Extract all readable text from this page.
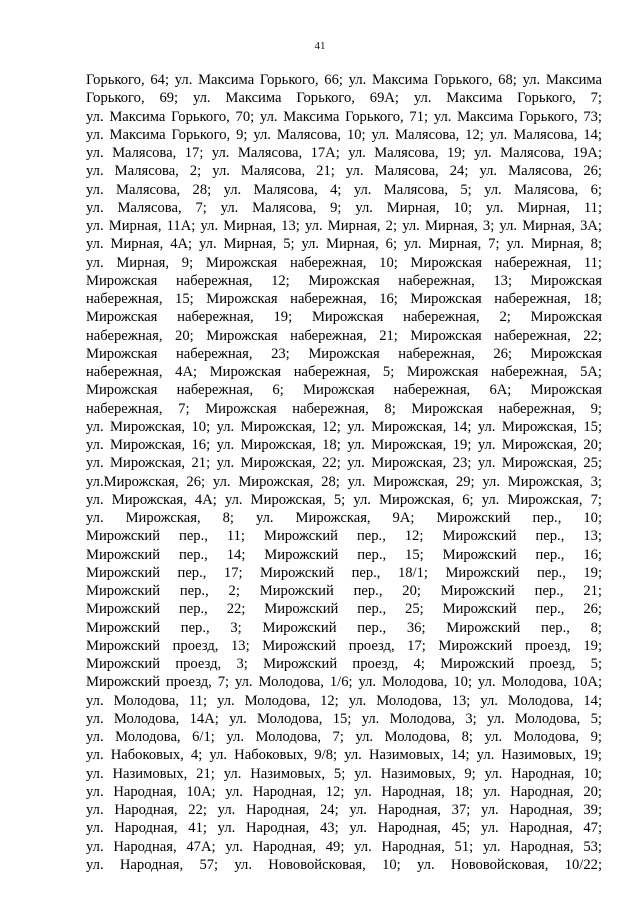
41
Горького, 64; ул. Максима Горького, 66; ул. Максима Горького, 68; ул. Максима
Горького, 69; ул. Максима Горького, 69А; ул. Максима Горького, 7;
ул. Максима Горького, 70; ул. Максима Горького, 71; ул. Максима Горького, 73;
ул. Максима Горького, 9; ул. Малясова, 10; ул. Малясова, 12; ул. Малясова, 14;
ул. Малясова, 17; ул. Малясова, 17А; ул. Малясова, 19; ул. Малясова, 19А;
ул. Малясова, 2; ул. Малясова, 21; ул. Малясова, 24; ул. Малясова, 26;
ул. Малясова, 28; ул. Малясова, 4; ул. Малясова, 5; ул. Малясова, 6;
ул. Малясова, 7; ул. Малясова, 9; ул. Мирная, 10; ул. Мирная, 11;
ул. Мирная, 11А; ул. Мирная, 13; ул. Мирная, 2; ул. Мирная, 3; ул. Мирная, 3А;
ул. Мирная, 4А; ул. Мирная, 5; ул. Мирная, 6; ул. Мирная, 7; ул. Мирная, 8;
ул. Мирная, 9; Мирожская набережная, 10; Мирожская набережная, 11;
Мирожская набережная, 12; Мирожская набережная, 13; Мирожская
набережная, 15; Мирожская набережная, 16; Мирожская набережная, 18;
Мирожская набережная, 19; Мирожская набережная, 2; Мирожская
набережная, 20; Мирожская набережная, 21; Мирожская набережная, 22;
Мирожская набережная, 23; Мирожская набережная, 26; Мирожская
набережная, 4А; Мирожская набережная, 5; Мирожская набережная, 5А;
Мирожская набережная, 6; Мирожская набережная, 6А; Мирожская
набережная, 7; Мирожская набережная, 8; Мирожская набережная, 9;
ул. Мирожская, 10; ул. Мирожская, 12; ул. Мирожская, 14; ул. Мирожская, 15;
ул. Мирожская, 16; ул. Мирожская, 18; ул. Мирожская, 19; ул. Мирожская, 20;
ул. Мирожская, 21; ул. Мирожская, 22; ул. Мирожская, 23; ул. Мирожская, 25;
ул.Мирожская, 26; ул. Мирожская, 28; ул. Мирожская, 29; ул. Мирожская, 3;
ул. Мирожская, 4А; ул. Мирожская, 5; ул. Мирожская, 6; ул. Мирожская, 7;
ул. Мирожская, 8; ул. Мирожская, 9А; Мирожский пер., 10;
Мирожский пер., 11; Мирожский пер., 12; Мирожский пер., 13;
Мирожский пер., 14; Мирожский пер., 15; Мирожский пер., 16;
Мирожский пер., 17; Мирожский пер., 18/1; Мирожский пер., 19;
Мирожский пер., 2; Мирожский пер., 20; Мирожский пер., 21;
Мирожский пер., 22; Мирожский пер., 25; Мирожский пер., 26;
Мирожский пер., 3; Мирожский пер., 36; Мирожский пер., 8;
Мирожский проезд, 13; Мирожский проезд, 17; Мирожский проезд, 19;
Мирожский проезд, 3; Мирожский проезд, 4; Мирожский проезд, 5;
Мирожский проезд, 7; ул. Молодова, 1/6; ул. Молодова, 10; ул. Молодова, 10А;
ул. Молодова, 11; ул. Молодова, 12; ул. Молодова, 13; ул. Молодова, 14;
ул. Молодова, 14А; ул. Молодова, 15; ул. Молодова, 3; ул. Молодова, 5;
ул. Молодова, 6/1; ул. Молодова, 7; ул. Молодова, 8; ул. Молодова, 9;
ул. Набоковых, 4; ул. Набоковых, 9/8; ул. Назимовых, 14; ул. Назимовых, 19;
ул. Назимовых, 21; ул. Назимовых, 5; ул. Назимовых, 9; ул. Народная, 10;
ул. Народная, 10А; ул. Народная, 12; ул. Народная, 18; ул. Народная, 20;
ул. Народная, 22; ул. Народная, 24; ул. Народная, 37; ул. Народная, 39;
ул. Народная, 41; ул. Народная, 43; ул. Народная, 45; ул. Народная, 47;
ул. Народная, 47А; ул. Народная, 49; ул. Народная, 51; ул. Народная, 53;
ул. Народная, 57; ул. Нововойсковая, 10; ул. Нововойсковая, 10/22;
